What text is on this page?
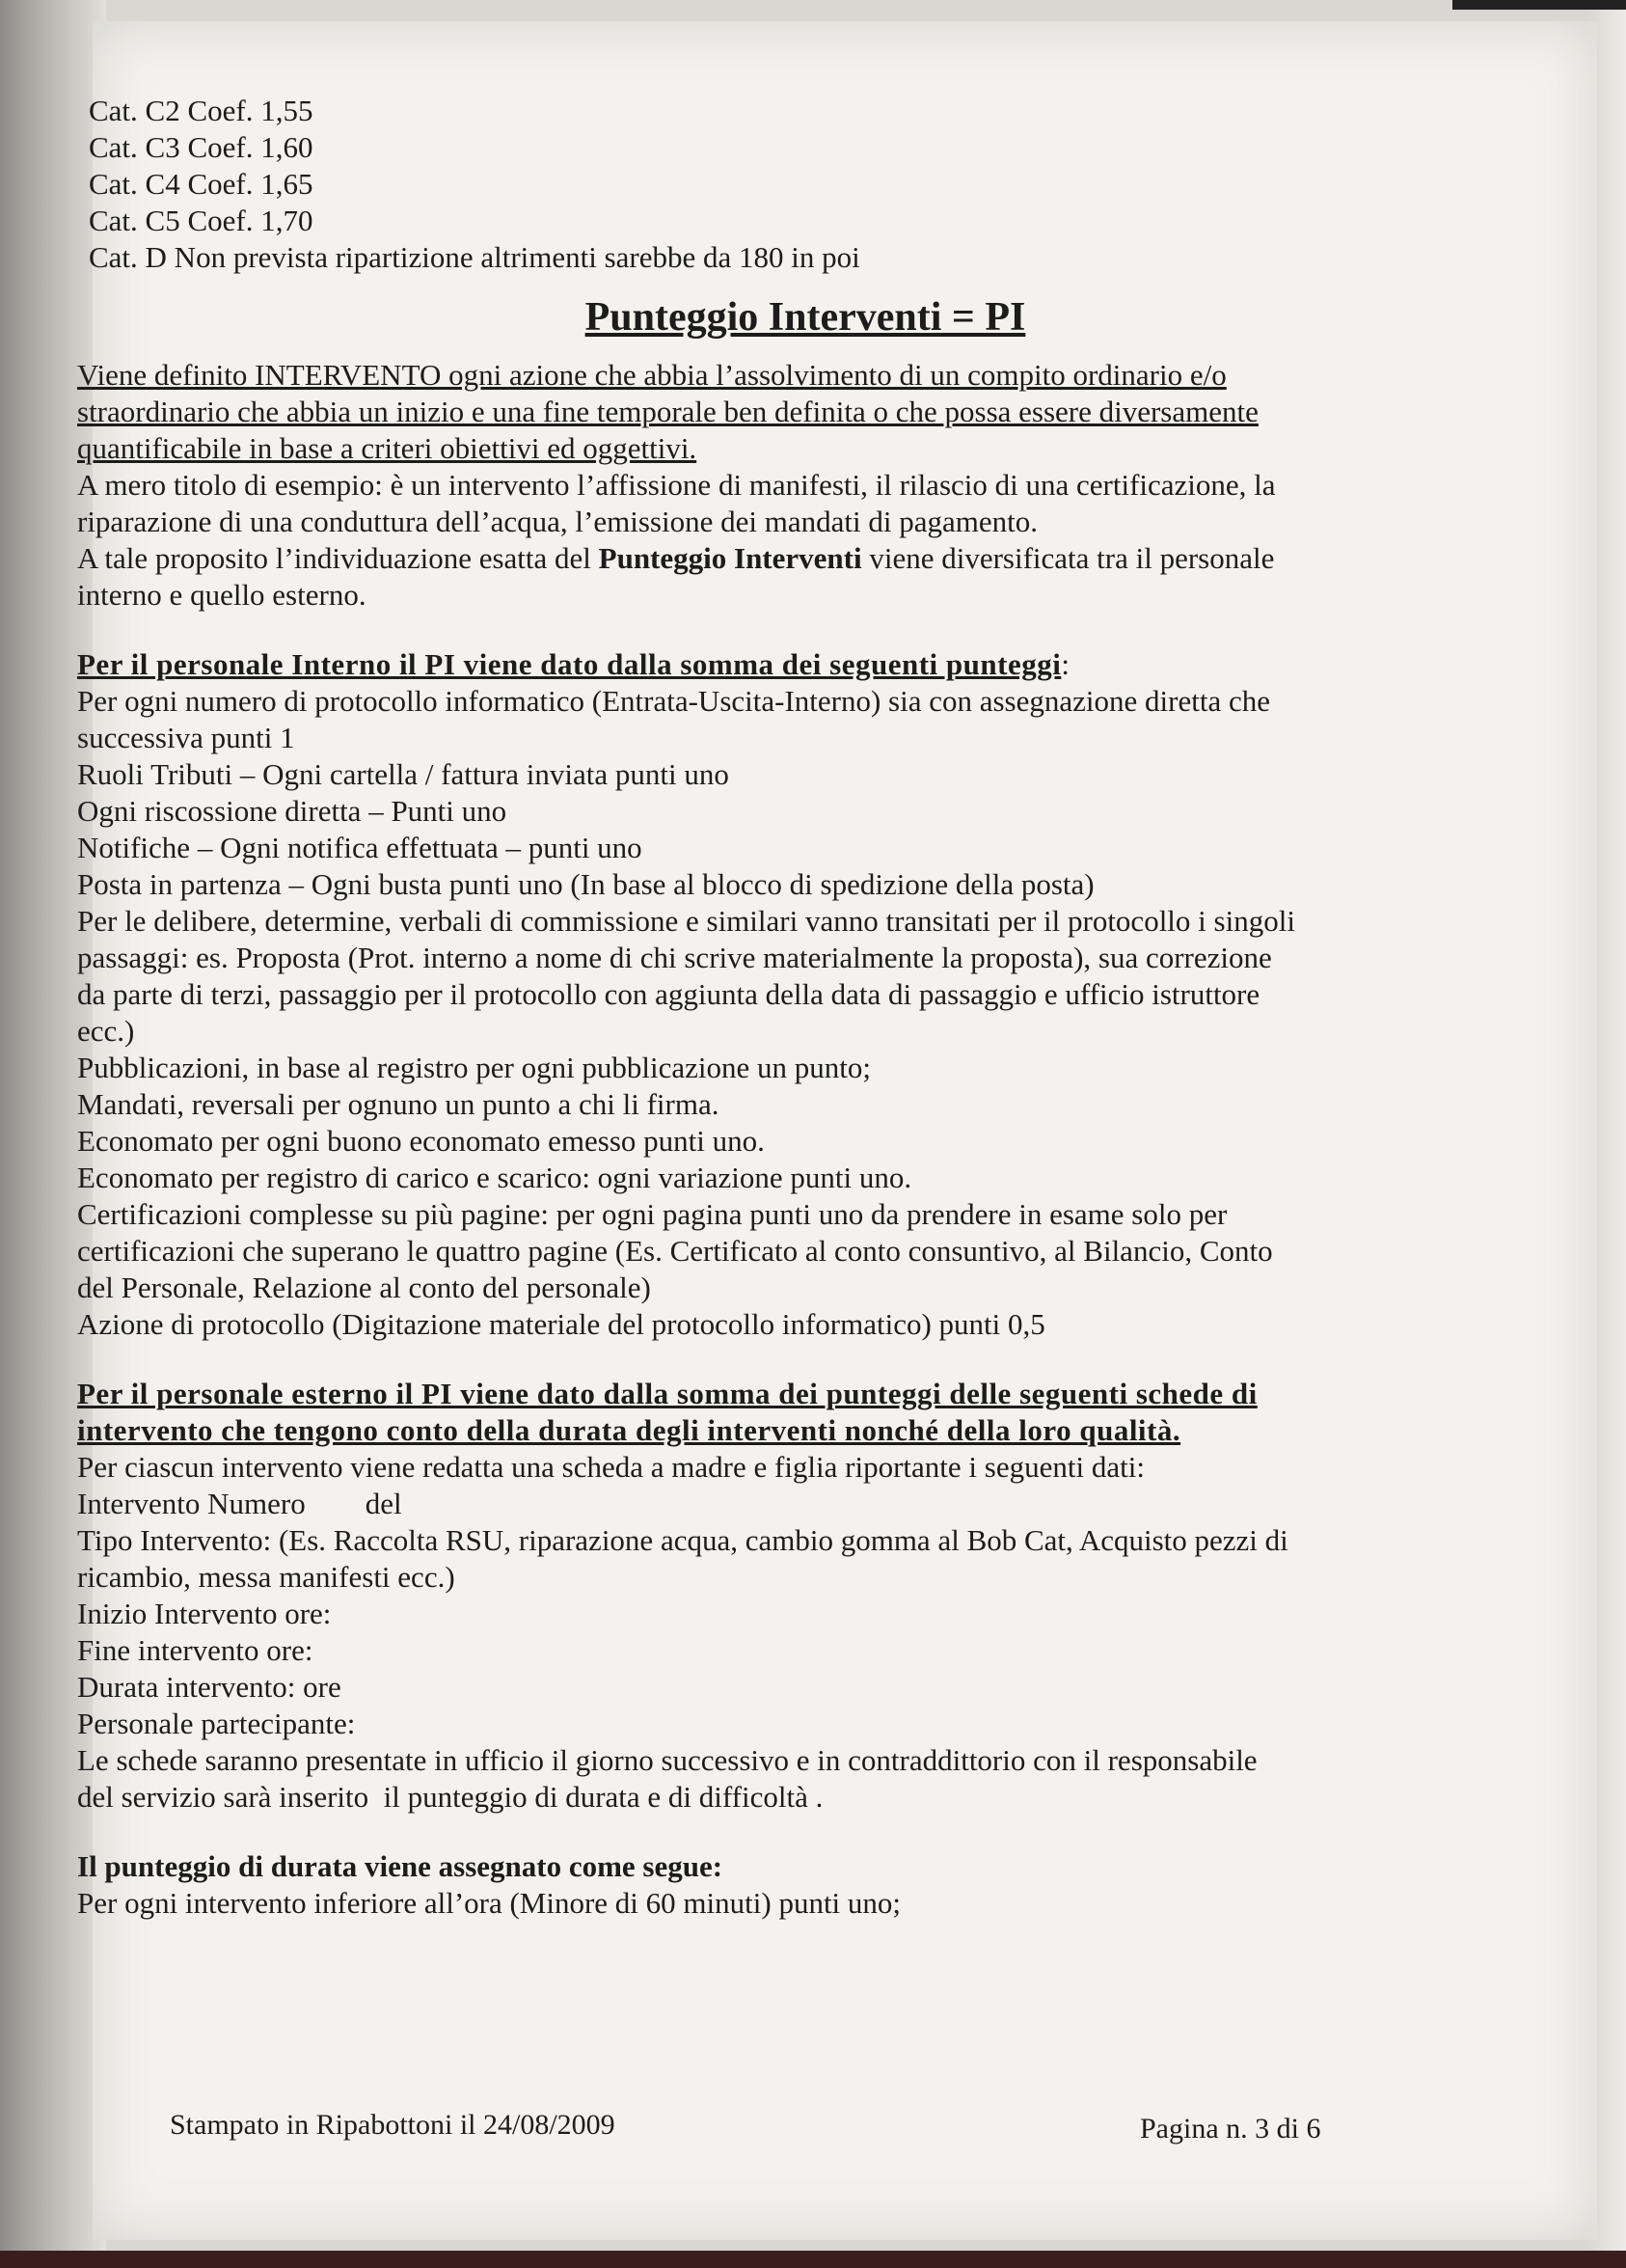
Cat. C2 Coef. 1,55
Cat. C3 Coef. 1,60
Cat. C4 Coef. 1,65
Cat. C5 Coef. 1,70
Cat. D Non prevista ripartizione altrimenti sarebbe da 180 in poi
Punteggio Interventi = PI
Viene definito INTERVENTO ogni azione che abbia l’assolvimento di un compito ordinario e/o
straordinario che abbia un inizio e una fine temporale ben definita o che possa essere diversamente
quantificabile in base a criteri obiettivi ed oggettivi.
A mero titolo di esempio: è un intervento l’affissione di manifesti, il rilascio di una certificazione, la
riparazione di una conduttura dell’acqua, l’emissione dei mandati di pagamento.
A tale proposito l’individuazione esatta del Punteggio Interventi viene diversificata tra il personale
interno e quello esterno.
Per il personale Interno il PI viene dato dalla somma dei seguenti punteggi:
Per ogni numero di protocollo informatico (Entrata-Uscita-Interno) sia con assegnazione diretta che
successiva punti 1
Ruoli Tributi – Ogni cartella / fattura inviata punti uno
Ogni riscossione diretta – Punti uno
Notifiche – Ogni notifica effettuata – punti uno
Posta in partenza – Ogni busta punti uno (In base al blocco di spedizione della posta)
Per le delibere, determine, verbali di commissione e similari vanno transitati per il protocollo i singoli
passaggi: es. Proposta (Prot. interno a nome di chi scrive materialmente la proposta), sua correzione
da parte di terzi, passaggio per il protocollo con aggiunta della data di passaggio e ufficio istruttore
ecc.)
Pubblicazioni, in base al registro per ogni pubblicazione un punto;
Mandati, reversali per ognuno un punto a chi li firma.
Economato per ogni buono economato emesso punti uno.
Economato per registro di carico e scarico: ogni variazione punti uno.
Certificazioni complesse su più pagine: per ogni pagina punti uno da prendere in esame solo per
certificazioni che superano le quattro pagine (Es. Certificato al conto consuntivo, al Bilancio, Conto
del Personale, Relazione al conto del personale)
Azione di protocollo (Digitazione materiale del protocollo informatico) punti 0,5
Per il personale esterno il PI viene dato dalla somma dei punteggi delle seguenti schede di
intervento che tengono conto della durata degli interventi nonché della loro qualità.
Per ciascun intervento viene redatta una scheda a madre e figlia riportante i seguenti dati:
Intervento Numero        del
Tipo Intervento: (Es. Raccolta RSU, riparazione acqua, cambio gomma al Bob Cat, Acquisto pezzi di
ricambio, messa manifesti ecc.)
Inizio Intervento ore:
Fine intervento ore:
Durata intervento: ore
Personale partecipante:
Le schede saranno presentate in ufficio il giorno successivo e in contraddittorio con il responsabile
del servizio sarà inserito  il punteggio di durata e di difficoltà .
Il punteggio di durata viene assegnato come segue:
Per ogni intervento inferiore all’ora (Minore di 60 minuti) punti uno;
Stampato in Ripabottoni il 24/08/2009	Pagina n. 3 di 6
